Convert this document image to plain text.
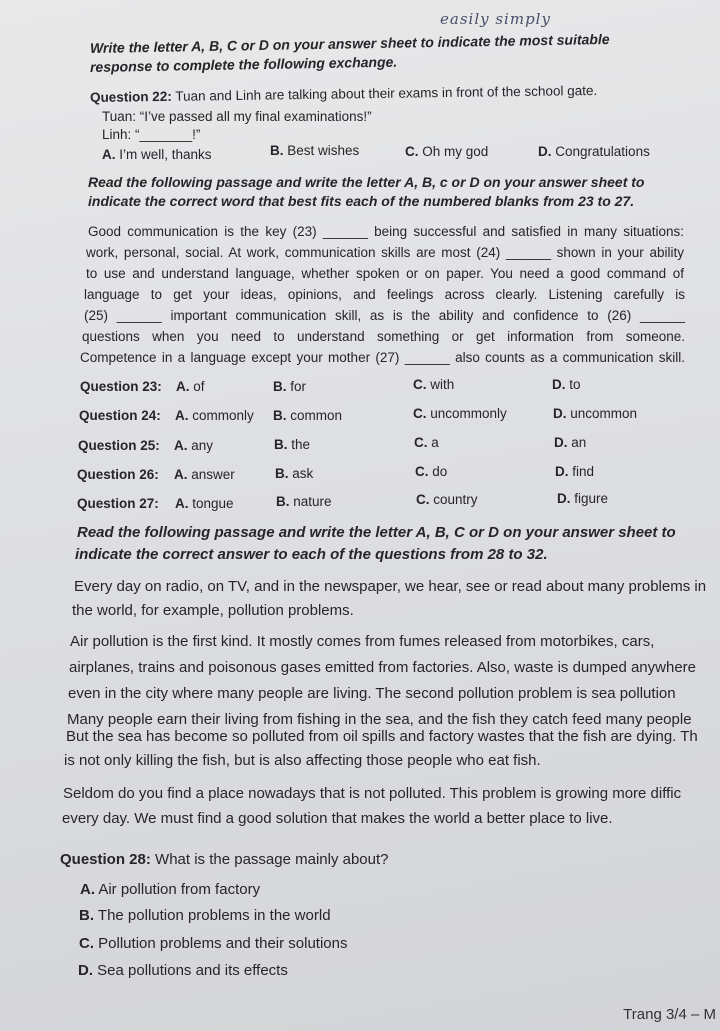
easily simply
Write the letter A, B, C or D on your answer sheet to indicate the most suitable
response to complete the following exchange.
Question 22: Tuan and Linh are talking about their exams in front of the school gate.
Tuan: “I’ve passed all my final examinations!”
Linh: “_______!”
A. I’m well, thanks	B. Best wishes	C. Oh my god	D. Congratulations
Read the following passage and write the letter A, B, c or D on your answer sheet to
indicate the correct word that best fits each of the numbered blanks from 23 to 27.
Good communication is the key (23) ______ being successful and satisfied in many situations:
work, personal, social. At work, communication skills are most (24) ______ shown in your ability
to use and understand language, whether spoken or on paper. You need a good command of
language to get your ideas, opinions, and feelings across clearly. Listening carefully is
(25) ______ important communication skill, as is the ability and confidence to (26) ______
questions when you need to understand something or get information from someone.
Competence in a language except your mother (27) ______ also counts as a communication skill.
Question 23: A. of	B. for	C. with	D. to
Question 24: A. commonly B. common	C. uncommonly	D. uncommon
Question 25: A. any	B. the	C. a	D. an
Question 26: A. answer	B. ask	C. do	D. find
Question 27: A. tongue	B. nature	C. country	D. figure
Read the following passage and write the letter A, B, C or D on your answer sheet to
indicate the correct answer to each of the questions from 28 to 32.
Every day on radio, on TV, and in the newspaper, we hear, see or read about many problems in
the world, for example, pollution problems.
Air pollution is the first kind. It mostly comes from fumes released from motorbikes, cars,
airplanes, trains and poisonous gases emitted from factories. Also, waste is dumped anywhere
even in the city where many people are living. The second pollution problem is sea pollution
Many people earn their living from fishing in the sea, and the fish they catch feed many people
But the sea has become so polluted from oil spills and factory wastes that the fish are dying. Th
is not only killing the fish, but is also affecting those people who eat fish.
Seldom do you find a place nowadays that is not polluted. This problem is growing more diffic
every day. We must find a good solution that makes the world a better place to live.
Question 28: What is the passage mainly about?
A. Air pollution from factory
B. The pollution problems in the world
C. Pollution problems and their solutions
D. Sea pollutions and its effects
Trang 3/4 – M
